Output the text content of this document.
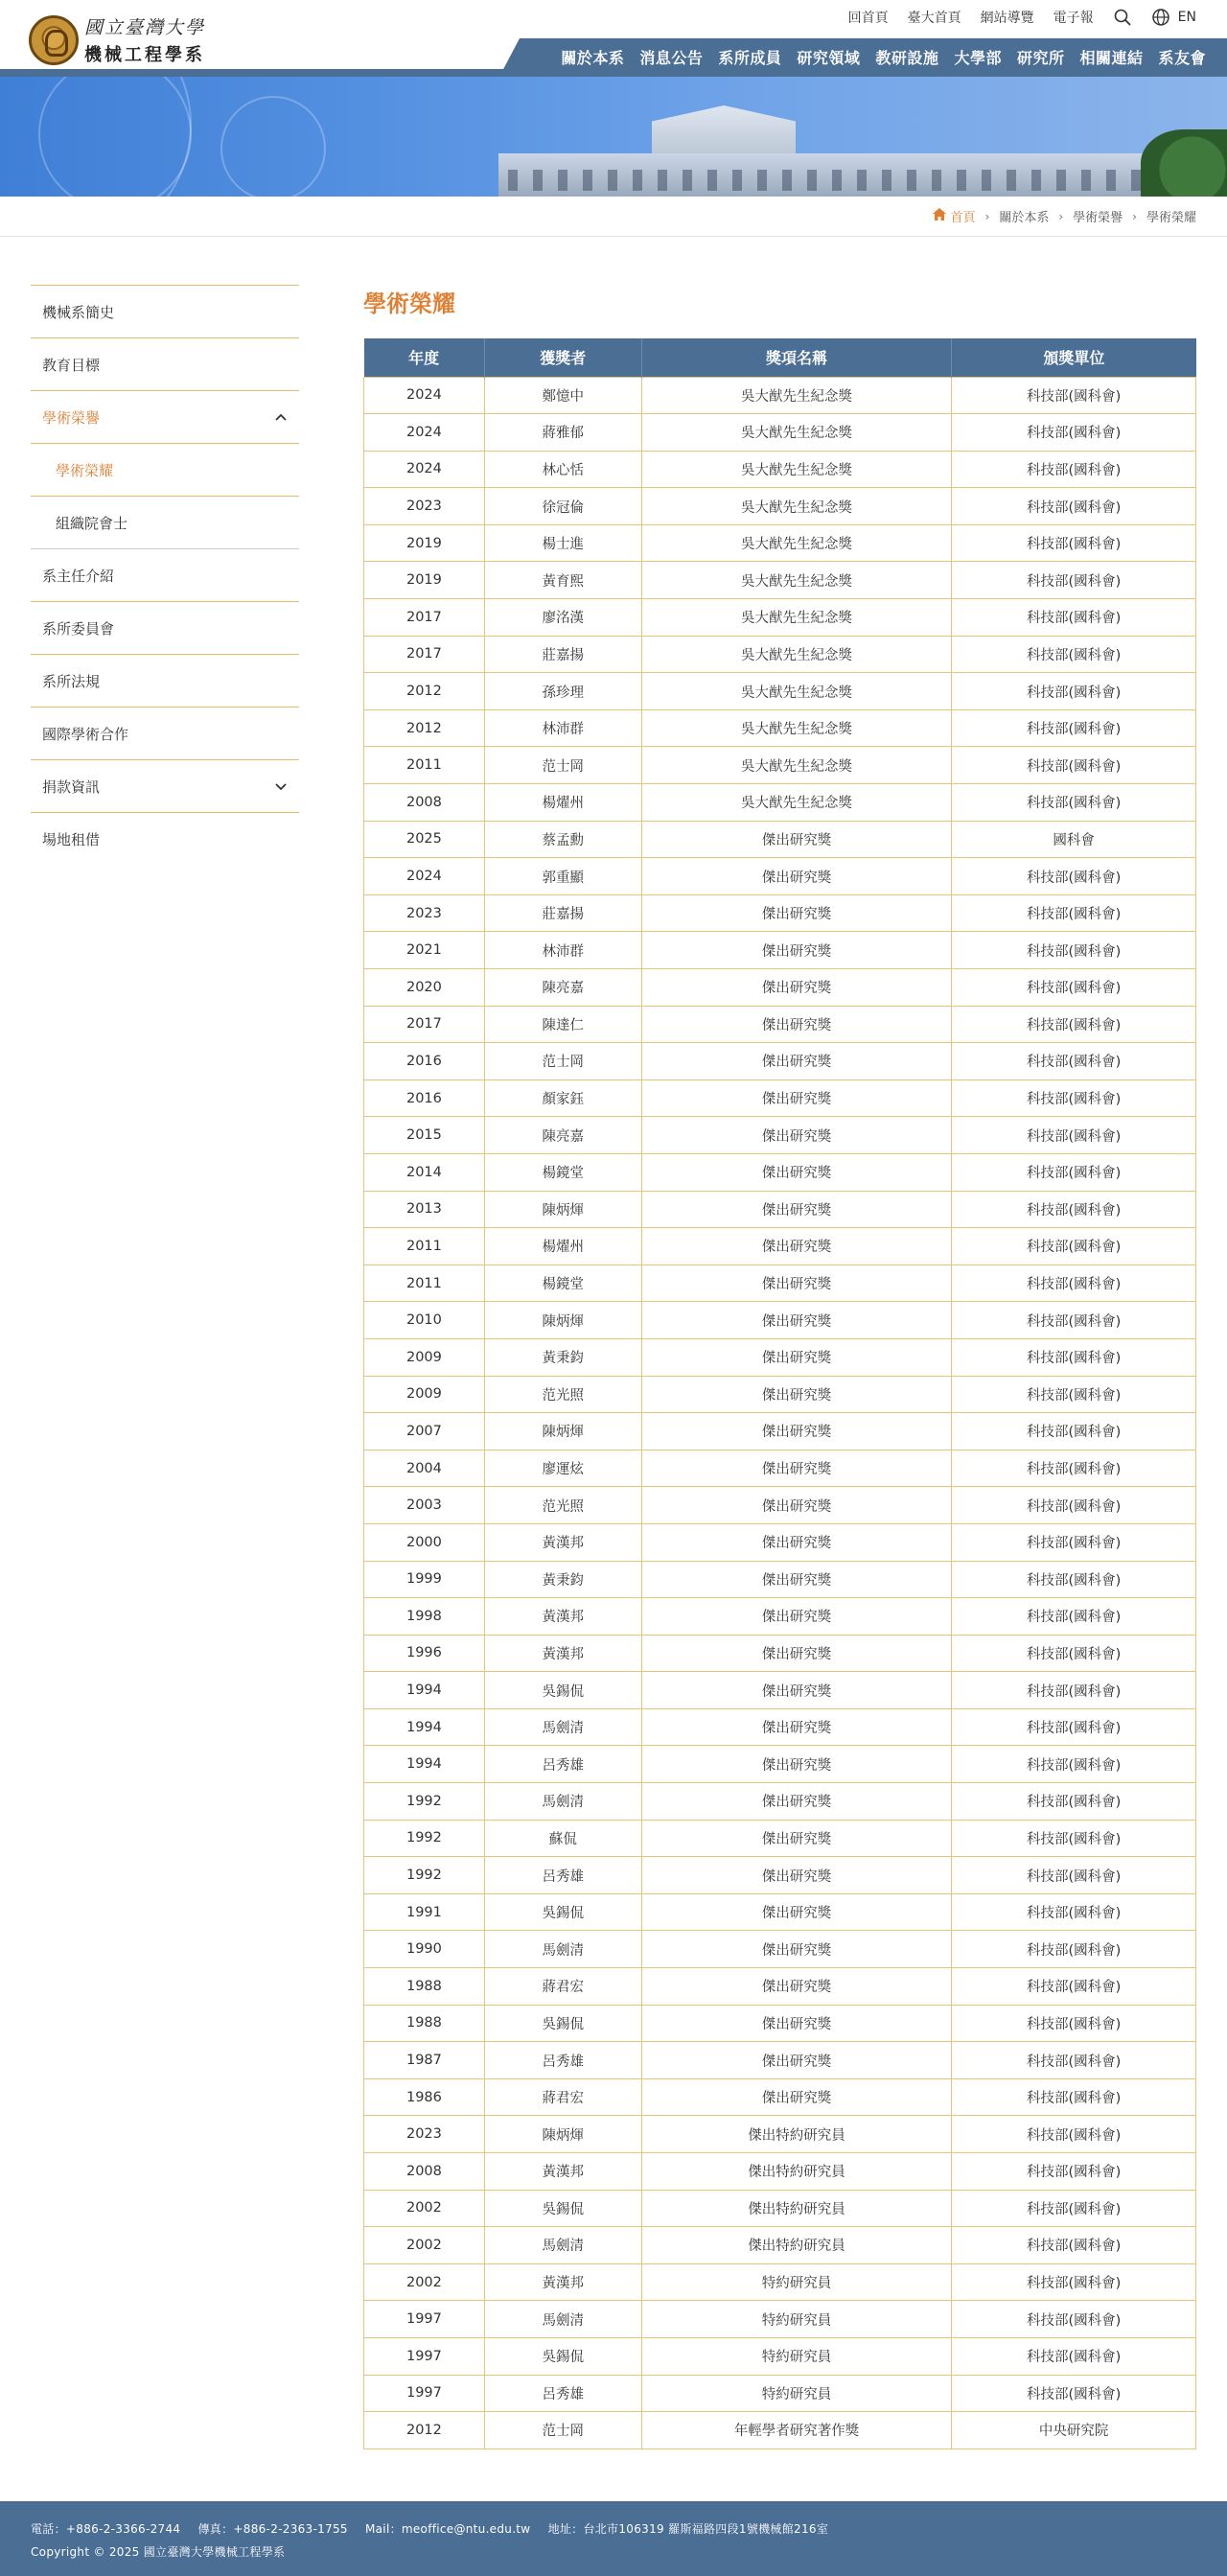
國立臺灣大學
機械工程學系
回首頁 臺大首頁 網站導覽 電子報	EN
關於本系 消息公告 系所成員 研究領域 教研設施 大學部 研究所 相關連結 系友會
首頁 › 關於本系 › 學術榮譽 › 學術榮耀
機械系簡史
教育目標
學術榮譽
學術榮耀
組織院會士
系主任介紹
系所委員會
系所法規
國際學術合作
捐款資訊
場地租借
學術榮耀
年度	獲獎者	獎項名稱	頒獎單位
2024	鄭憶中	吳大猷先生紀念獎	科技部(國科會)
2024	蔣雅郁	吳大猷先生紀念獎	科技部(國科會)
2024	林心恬	吳大猷先生紀念獎	科技部(國科會)
2023	徐冠倫	吳大猷先生紀念獎	科技部(國科會)
2019	楊士進	吳大猷先生紀念獎	科技部(國科會)
2019	黃育熙	吳大猷先生紀念獎	科技部(國科會)
2017	廖洺漢	吳大猷先生紀念獎	科技部(國科會)
2017	莊嘉揚	吳大猷先生紀念獎	科技部(國科會)
2012	孫珍理	吳大猷先生紀念獎	科技部(國科會)
2012	林沛群	吳大猷先生紀念獎	科技部(國科會)
2011	范士岡	吳大猷先生紀念獎	科技部(國科會)
2008	楊燿州	吳大猷先生紀念獎	科技部(國科會)
2025	蔡孟勳	傑出研究獎	國科會
2024	郭重顯	傑出研究獎	科技部(國科會)
2023	莊嘉揚	傑出研究獎	科技部(國科會)
2021	林沛群	傑出研究獎	科技部(國科會)
2020	陳亮嘉	傑出研究獎	科技部(國科會)
2017	陳達仁	傑出研究獎	科技部(國科會)
2016	范士岡	傑出研究獎	科技部(國科會)
2016	顏家鈺	傑出研究獎	科技部(國科會)
2015	陳亮嘉	傑出研究獎	科技部(國科會)
2014	楊鏡堂	傑出研究獎	科技部(國科會)
2013	陳炳煇	傑出研究獎	科技部(國科會)
2011	楊燿州	傑出研究獎	科技部(國科會)
2011	楊鏡堂	傑出研究獎	科技部(國科會)
2010	陳炳煇	傑出研究獎	科技部(國科會)
2009	黃秉鈞	傑出研究獎	科技部(國科會)
2009	范光照	傑出研究獎	科技部(國科會)
2007	陳炳煇	傑出研究獎	科技部(國科會)
2004	廖運炫	傑出研究獎	科技部(國科會)
2003	范光照	傑出研究獎	科技部(國科會)
2000	黃漢邦	傑出研究獎	科技部(國科會)
1999	黃秉鈞	傑出研究獎	科技部(國科會)
1998	黃漢邦	傑出研究獎	科技部(國科會)
1996	黃漢邦	傑出研究獎	科技部(國科會)
1994	吳錫侃	傑出研究獎	科技部(國科會)
1994	馬劍清	傑出研究獎	科技部(國科會)
1994	呂秀雄	傑出研究獎	科技部(國科會)
1992	馬劍清	傑出研究獎	科技部(國科會)
1992	蘇侃	傑出研究獎	科技部(國科會)
1992	呂秀雄	傑出研究獎	科技部(國科會)
1991	吳錫侃	傑出研究獎	科技部(國科會)
1990	馬劍清	傑出研究獎	科技部(國科會)
1988	蔣君宏	傑出研究獎	科技部(國科會)
1988	吳錫侃	傑出研究獎	科技部(國科會)
1987	呂秀雄	傑出研究獎	科技部(國科會)
1986	蔣君宏	傑出研究獎	科技部(國科會)
2023	陳炳煇	傑出特約研究員	科技部(國科會)
2008	黃漢邦	傑出特約研究員	科技部(國科會)
2002	吳錫侃	傑出特約研究員	科技部(國科會)
2002	馬劍清	傑出特約研究員	科技部(國科會)
2002	黃漢邦	特約研究員	科技部(國科會)
1997	馬劍清	特約研究員	科技部(國科會)
1997	吳錫侃	特約研究員	科技部(國科會)
1997	呂秀雄	特約研究員	科技部(國科會)
2012	范士岡	年輕學者研究著作獎	中央研究院
電話：+886-2-3366-2744 傳真：+886-2-2363-1755 Mail：meoffice@ntu.edu.tw 地址：台北市106319 羅斯福路四段1號機械館216室
Copyright © 2025 國立臺灣大學機械工程學系
